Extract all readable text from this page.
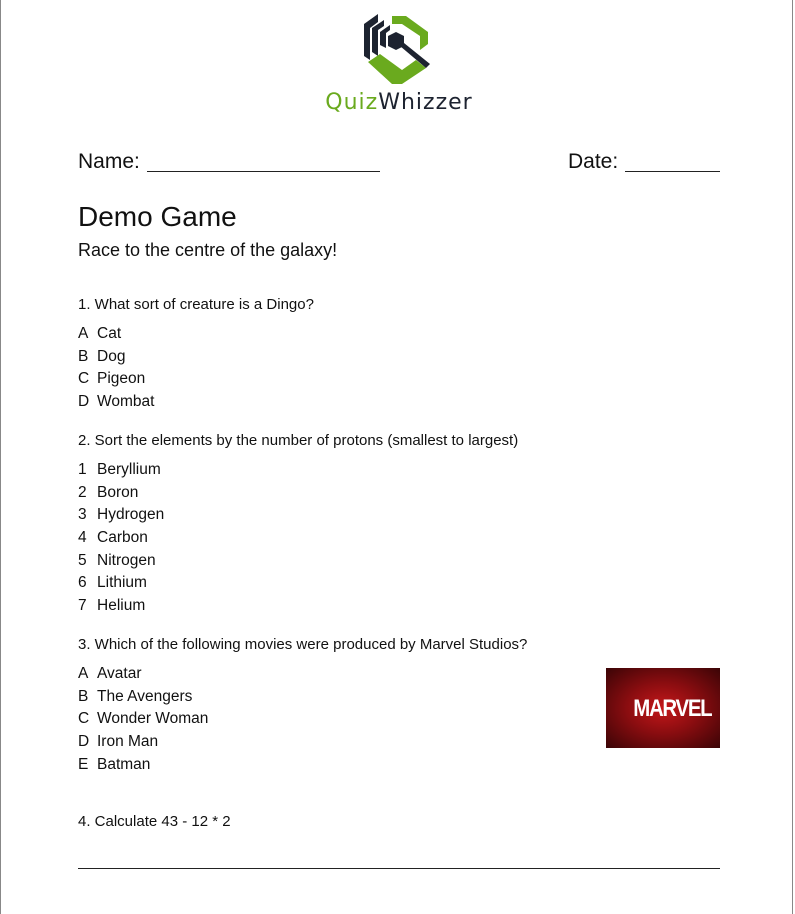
QuizWhizzer
Name:	Date:
Demo Game
Race to the centre of the galaxy!
1. What sort of creature is a Dingo?
A Cat
B Dog
C Pigeon
D Wombat
2. Sort the elements by the number of protons (smallest to largest)
1 Beryllium
2 Boron
3 Hydrogen
4 Carbon
5 Nitrogen
6 Lithium
7 Helium
3. Which of the following movies were produced by Marvel Studios?
A Avatar
B The Avengers
C Wonder Woman
D Iron Man
E Batman
MARVEL
4. Calculate 43 - 12 * 2
